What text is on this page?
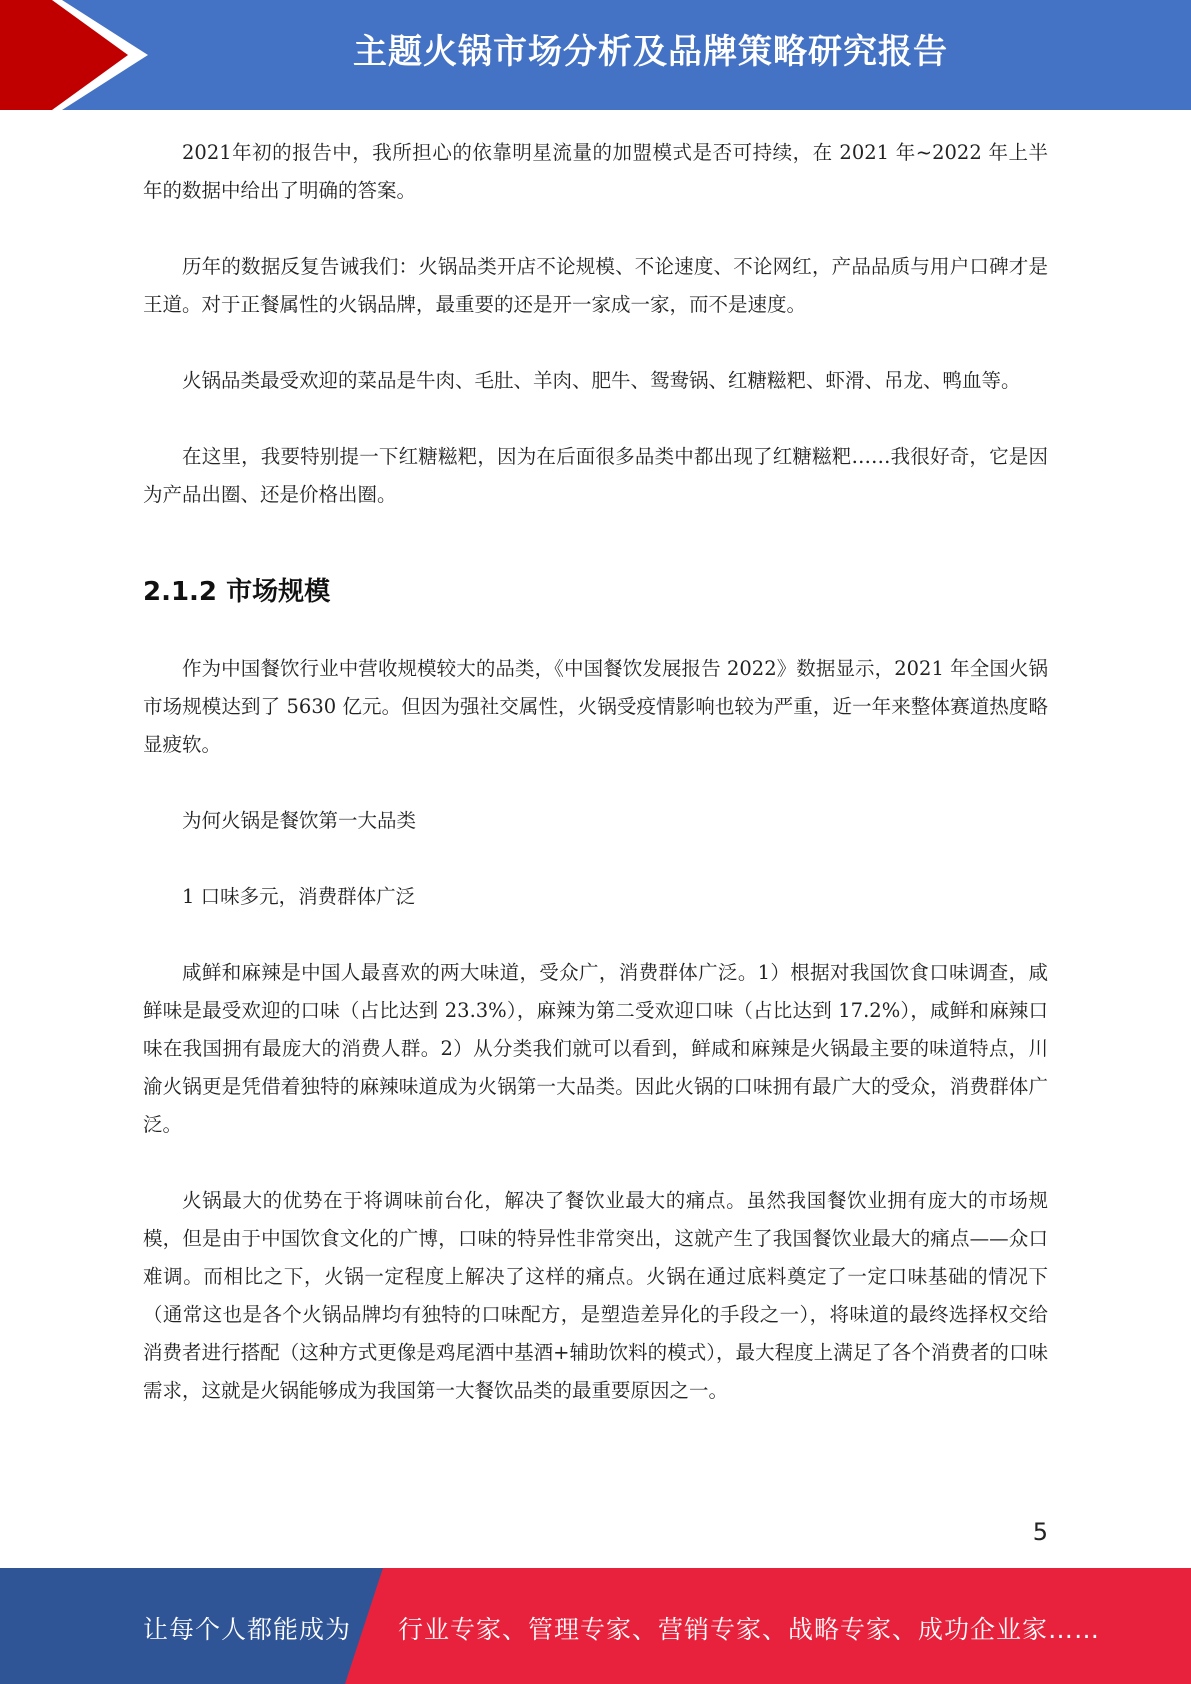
主题火锅市场分析及品牌策略研究报告

2021年初的报告中，我所担心的依靠明星流量的加盟模式是否可持续，在 2021 年~2022 年上半年的数据中给出了明确的答案。

历年的数据反复告诫我们：火锅品类开店不论规模、不论速度、不论网红，产品品质与用户口碑才是王道。对于正餐属性的火锅品牌，最重要的还是开一家成一家，而不是速度。

火锅品类最受欢迎的菜品是牛肉、毛肚、羊肉、肥牛、鸳鸯锅、红糖糍粑、虾滑、吊龙、鸭血等。

在这里，我要特别提一下红糖糍粑，因为在后面很多品类中都出现了红糖糍粑……我很好奇，它是因为产品出圈、还是价格出圈。

2.1.2 市场规模

作为中国餐饮行业中营收规模较大的品类，《中国餐饮发展报告 2022》数据显示，2021 年全国火锅市场规模达到了 5630 亿元。但因为强社交属性，火锅受疫情影响也较为严重，近一年来整体赛道热度略显疲软。

为何火锅是餐饮第一大品类

1 口味多元，消费群体广泛

咸鲜和麻辣是中国人最喜欢的两大味道，受众广，消费群体广泛。1）根据对我国饮食口味调查，咸鲜味是最受欢迎的口味（占比达到 23.3%），麻辣为第二受欢迎口味（占比达到 17.2%），咸鲜和麻辣口味在我国拥有最庞大的消费人群。2）从分类我们就可以看到，鲜咸和麻辣是火锅最主要的味道特点，川渝火锅更是凭借着独特的麻辣味道成为火锅第一大品类。因此火锅的口味拥有最广大的受众，消费群体广泛。

火锅最大的优势在于将调味前台化，解决了餐饮业最大的痛点。虽然我国餐饮业拥有庞大的市场规模，但是由于中国饮食文化的广博，口味的特异性非常突出，这就产生了我国餐饮业最大的痛点——众口难调。而相比之下，火锅一定程度上解决了这样的痛点。火锅在通过底料奠定了一定口味基础的情况下（通常这也是各个火锅品牌均有独特的口味配方，是塑造差异化的手段之一），将味道的最终选择权交给消费者进行搭配（这种方式更像是鸡尾酒中基酒+辅助饮料的模式），最大程度上满足了各个消费者的口味需求，这就是火锅能够成为我国第一大餐饮品类的最重要原因之一。

5
让每个人都能成为 行业专家、管理专家、营销专家、战略专家、成功企业家……
